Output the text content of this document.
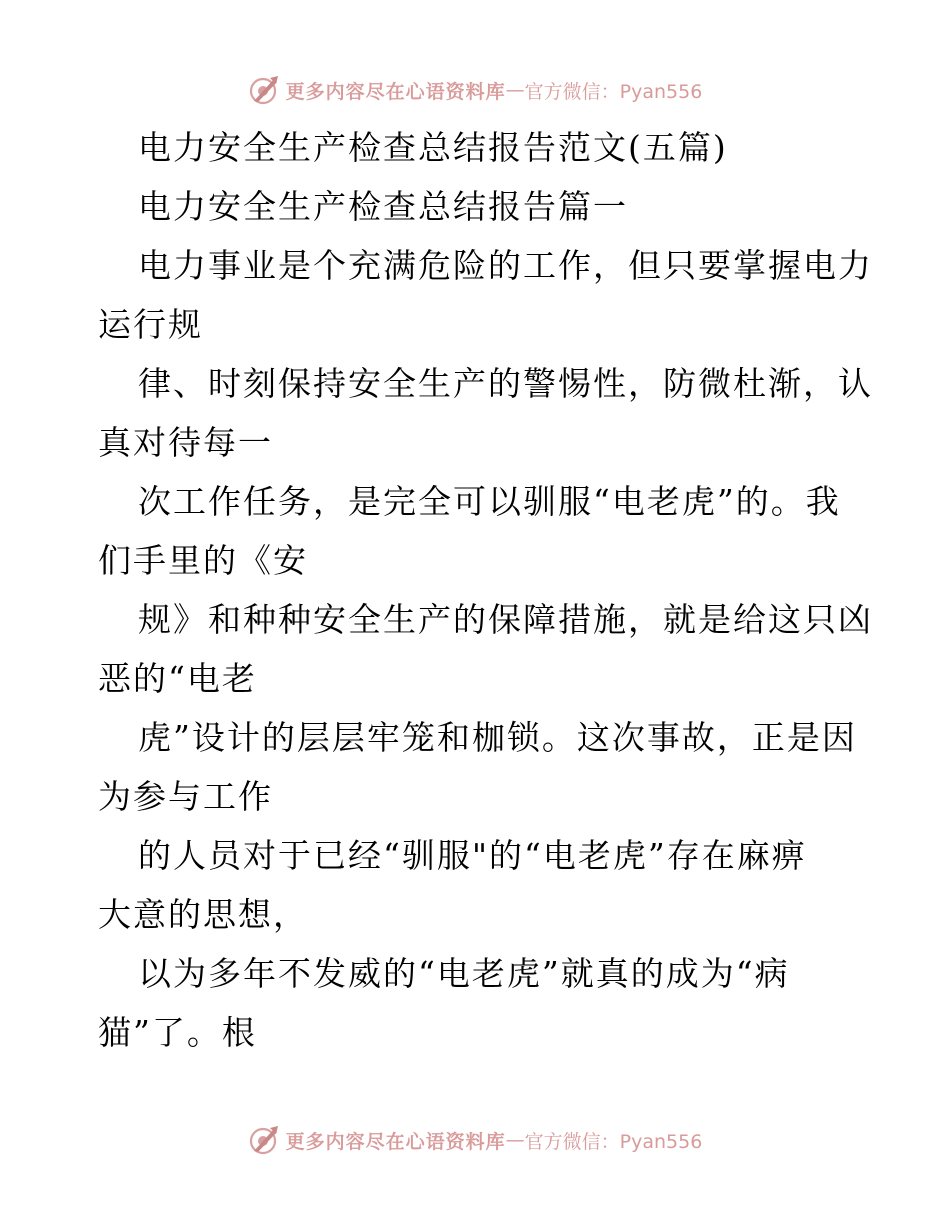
更多内容尽在心语资料库 — 官方微信：Pyan556
电力安全生产检查总结报告范文(五篇)
电力安全生产检查总结报告篇一
电力事业是个充满危险的工作，但只要掌握电力
运行规
律、时刻保持安全生产的警惕性，防微杜渐，认
真对待每一
次工作任务，是完全可以驯服“电老虎”的。我
们手里的《安
规》和种种安全生产的保障措施，就是给这只凶
恶的“电老
虎”设计的层层牢笼和枷锁。这次事故，正是因
为参与工作
的人员对于已经“驯服"的“电老虎”存在麻痹
大意的思想，
以为多年不发威的“电老虎”就真的成为“病
猫”了。根
更多内容尽在心语资料库 — 官方微信：Pyan556
